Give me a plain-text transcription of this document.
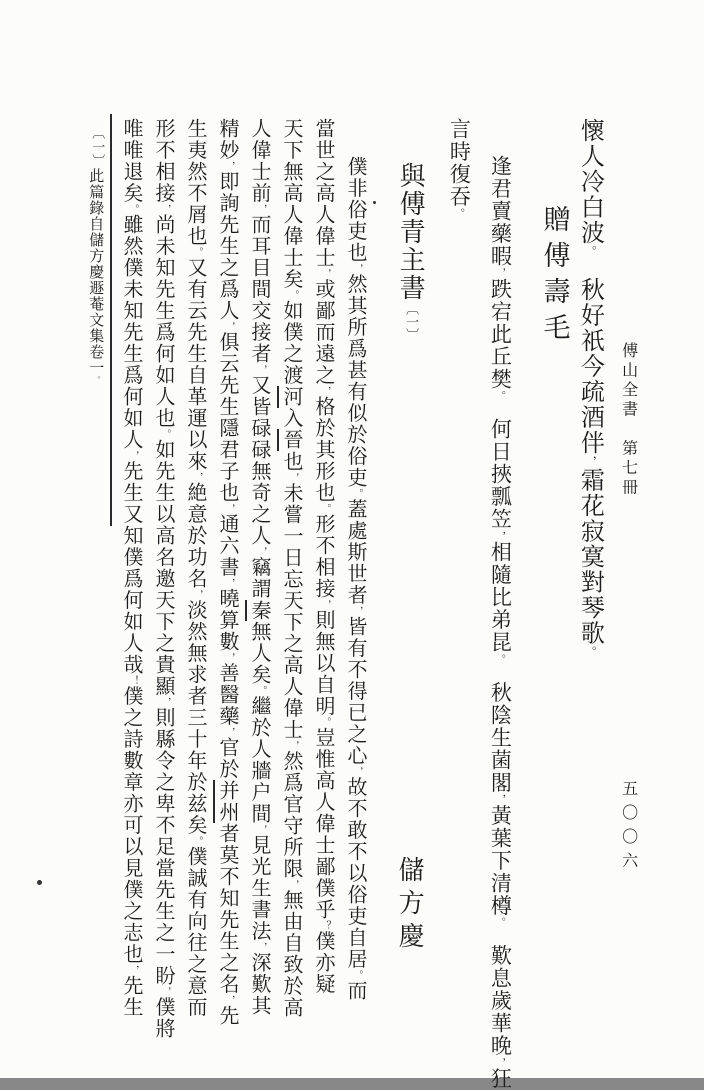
傅山全書　第七冊
五〇〇六
懷人冷白波。　秋好祇今疏酒伴，霜花寂寞對琴歌。
贈傅壽毛
逢君賣藥暇，跌宕此丘樊。　何日挾瓢笠，相隨比弟昆。　秋陰生菌閣，黃葉下清樽。　歎息歲華晚，狂
言時復吞。
與傅青主書〔一〕
儲方慶
僕非俗吏也，然其所爲甚有似於俗吏。蓋處斯世者，皆有不得已之心，故不敢不以俗吏自居。而
當世之高人偉士，或鄙而遠之，格於其形也。形不相接，則無以自明。豈惟高人偉士鄙僕乎？僕亦疑
天下無高人偉士矣。如僕之渡河入晉也，未嘗一日忘天下之高人偉士，然爲官守所限，無由自致於高
人偉士前，而耳目間交接者，又皆碌碌無奇之人，竊謂秦無人矣。繼於人牆户間，見光生書法，深歎其
精妙，即詢先生之爲人，俱云先生隱君子也，通六書，曉算數，善醫藥，官於并州者莫不知先生之名，先
生夷然不屑也。又有云先生自革運以來，絶意於功名，淡然無求者三十年於兹矣。僕誠有向往之意而
形不相接，尚未知先生爲何如人也。如先生以高名邀天下之貴顯，則縣令之卑不足當先生之一盼，僕將
唯唯退矣。雖然僕未知先生爲何如人，先生又知僕爲何如人哉！僕之詩數章亦可以見僕之志也，先生
〔一〕此篇錄自儲方慶遯菴文集卷一。
